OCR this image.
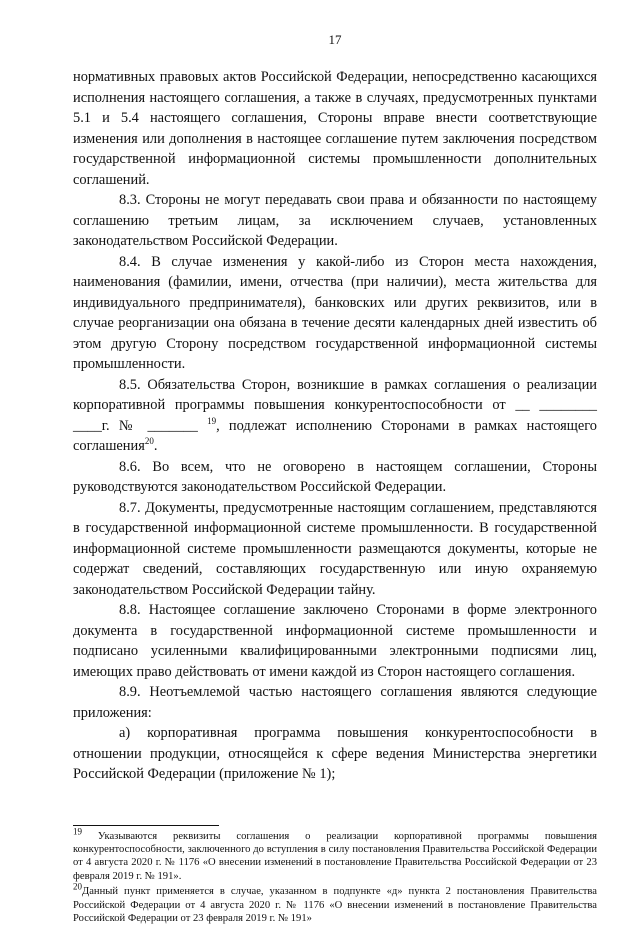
17

нормативных правовых актов Российской Федерации, непосредственно касающихся исполнения настоящего соглашения, а также в случаях, предусмотренных пунктами 5.1 и 5.4 настоящего соглашения, Стороны вправе внести соответствующие изменения или дополнения в настоящее соглашение путем заключения посредством государственной информационной системы промышленности дополнительных соглашений.

8.3. Стороны не могут передавать свои права и обязанности по настоящему соглашению третьим лицам, за исключением случаев, установленных законодательством Российской Федерации.

8.4. В случае изменения у какой-либо из Сторон места нахождения, наименования (фамилии, имени, отчества (при наличии), места жительства для индивидуального предпринимателя), банковских или других реквизитов, или в случае реорганизации она обязана в течение десяти календарных дней известить об этом другую Сторону посредством государственной информационной системы промышленности.

8.5. Обязательства Сторон, возникшие в рамках соглашения о реализации корпоративной программы повышения конкурентоспособности от __ ________ ____г. № _______ $^{19}$, подлежат исполнению Сторонами в рамках настоящего соглашения$^{20}$.

8.6. Во всем, что не оговорено в настоящем соглашении, Стороны руководствуются законодательством Российской Федерации.

8.7. Документы, предусмотренные настоящим соглашением, представляются в государственной информационной системе промышленности. В государственной информационной системе промышленности размещаются документы, которые не содержат сведений, составляющих государственную или иную охраняемую законодательством Российской Федерации тайну.

8.8. Настоящее соглашение заключено Сторонами в форме электронного документа в государственной информационной системе промышленности и подписано усиленными квалифицированными электронными подписями лиц, имеющих право действовать от имени каждой из Сторон настоящего соглашения.

8.9. Неотъемлемой частью настоящего соглашения являются следующие приложения:

а) корпоративная программа повышения конкурентоспособности в отношении продукции, относящейся к сфере ведения Министерства энергетики Российской Федерации (приложение № 1);

$^{19}$ Указываются реквизиты соглашения о реализации корпоративной программы повышения конкурентоспособности, заключенного до вступления в силу постановления Правительства Российской Федерации от 4 августа 2020 г. № 1176 «О внесении изменений в постановление Правительства Российской Федерации от 23 февраля 2019 г. № 191».

$^{20}$Данный пункт применяется в случае, указанном в подпункте «д» пункта 2 постановления Правительства Российской Федерации от 4 августа 2020 г. № 1176 «О внесении изменений в постановление Правительства Российской Федерации от 23 февраля 2019 г. № 191»
